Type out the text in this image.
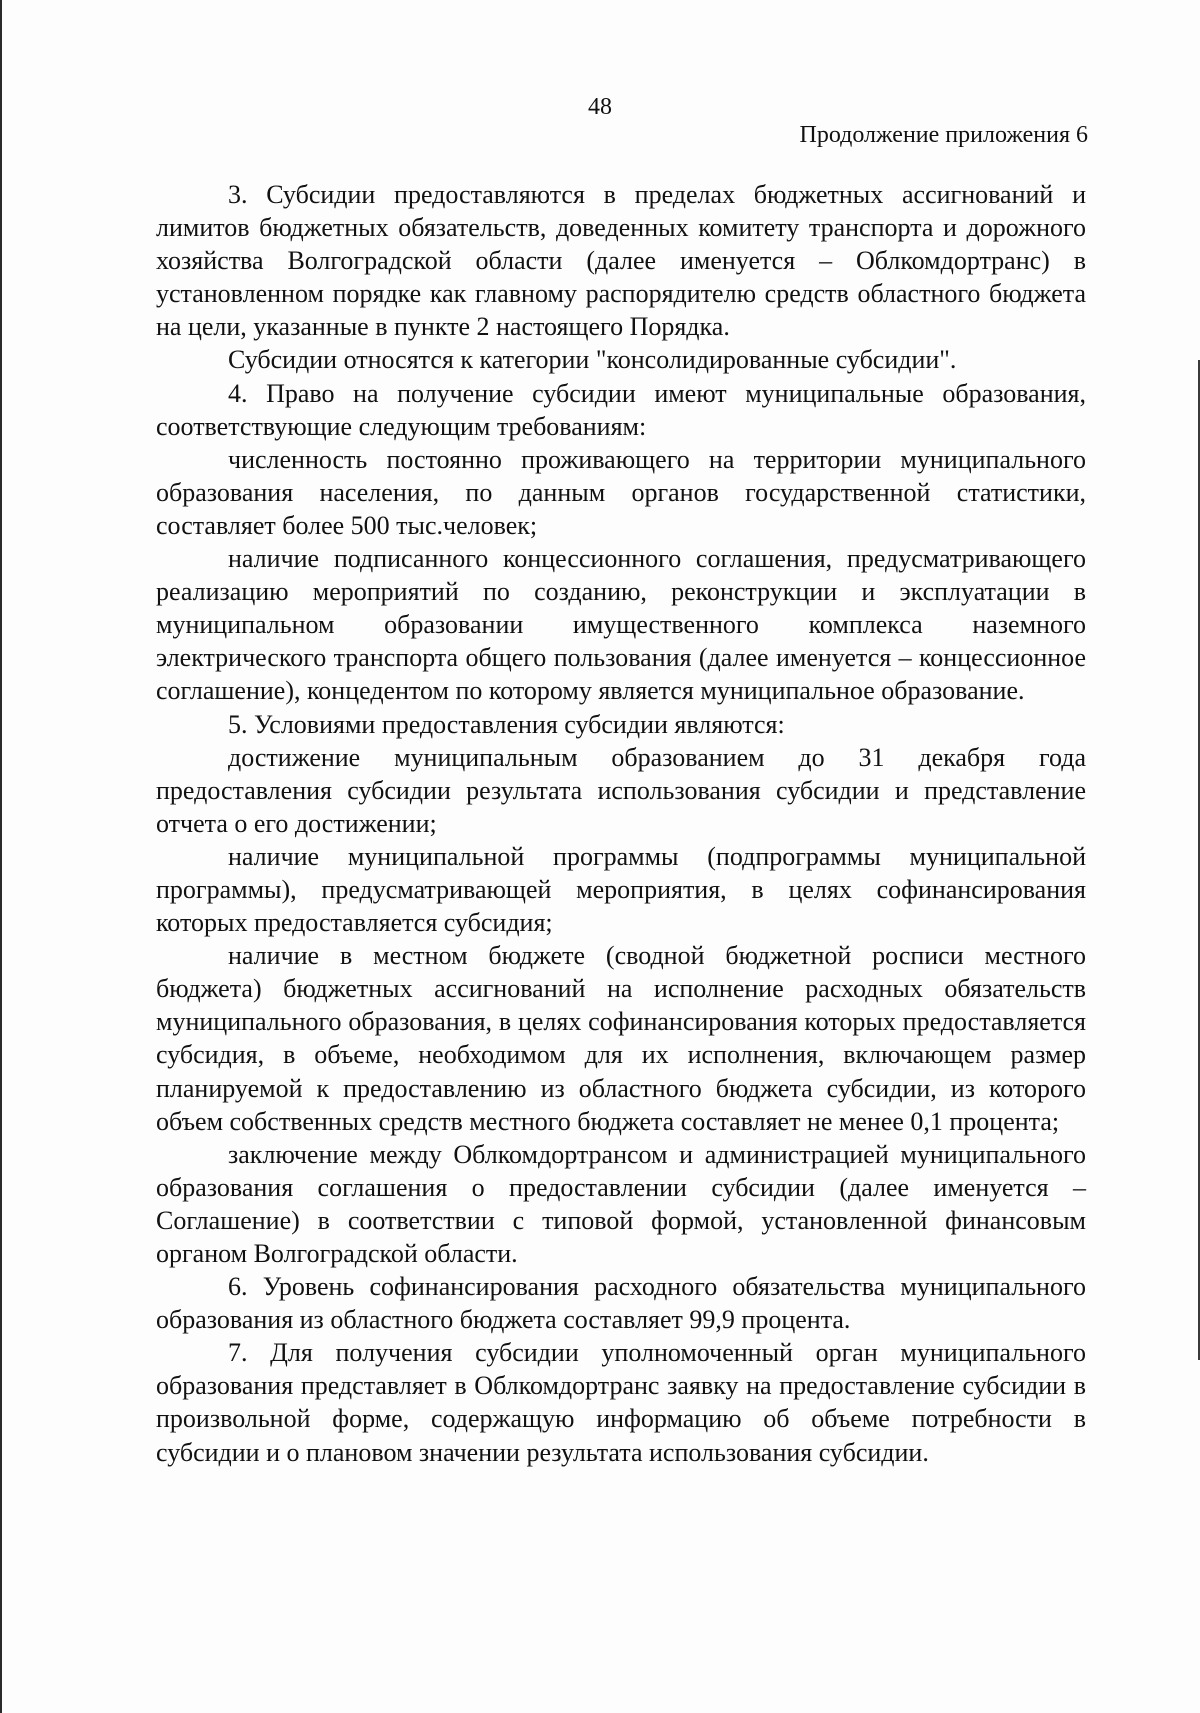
48
Продолжение приложения 6

3. Субсидии предоставляются в пределах бюджетных ассигнований и лимитов бюджетных обязательств, доведенных комитету транспорта и дорожного хозяйства Волгоградской области (далее именуется – Облкомдортранс) в установленном порядке как главному распорядителю средств областного бюджета на цели, указанные в пункте 2 настоящего Порядка.

Субсидии относятся к категории "консолидированные субсидии".

4. Право на получение субсидии имеют муниципальные образования, соответствующие следующим требованиям:

численность постоянно проживающего на территории муниципального образования населения, по данным органов государственной статистики, составляет более 500 тыс.человек;

наличие подписанного концессионного соглашения, предусматривающего реализацию мероприятий по созданию, реконструкции и эксплуатации в муниципальном образовании имущественного комплекса наземного электрического транспорта общего пользования (далее именуется – концессионное соглашение), концедентом по которому является муниципальное образование.

5. Условиями предоставления субсидии являются:

достижение муниципальным образованием до 31 декабря года предоставления субсидии результата использования субсидии и представление отчета о его достижении;

наличие муниципальной программы (подпрограммы муниципальной программы), предусматривающей мероприятия, в целях софинансирования которых предоставляется субсидия;

наличие в местном бюджете (сводной бюджетной росписи местного бюджета) бюджетных ассигнований на исполнение расходных обязательств муниципального образования, в целях софинансирования которых предоставляется субсидия, в объеме, необходимом для их исполнения, включающем размер планируемой к предоставлению из областного бюджета субсидии, из которого объем собственных средств местного бюджета составляет не менее 0,1 процента;

заключение между Облкомдортрансом и администрацией муниципального образования соглашения о предоставлении субсидии (далее именуется – Соглашение) в соответствии с типовой формой, установленной финансовым органом Волгоградской области.

6. Уровень софинансирования расходного обязательства муниципального образования из областного бюджета составляет 99,9 процента.

7. Для получения субсидии уполномоченный орган муниципального образования представляет в Облкомдортранс заявку на предоставление субсидии в произвольной форме, содержащую информацию об объеме потребности в субсидии и о плановом значении результата использования субсидии.
